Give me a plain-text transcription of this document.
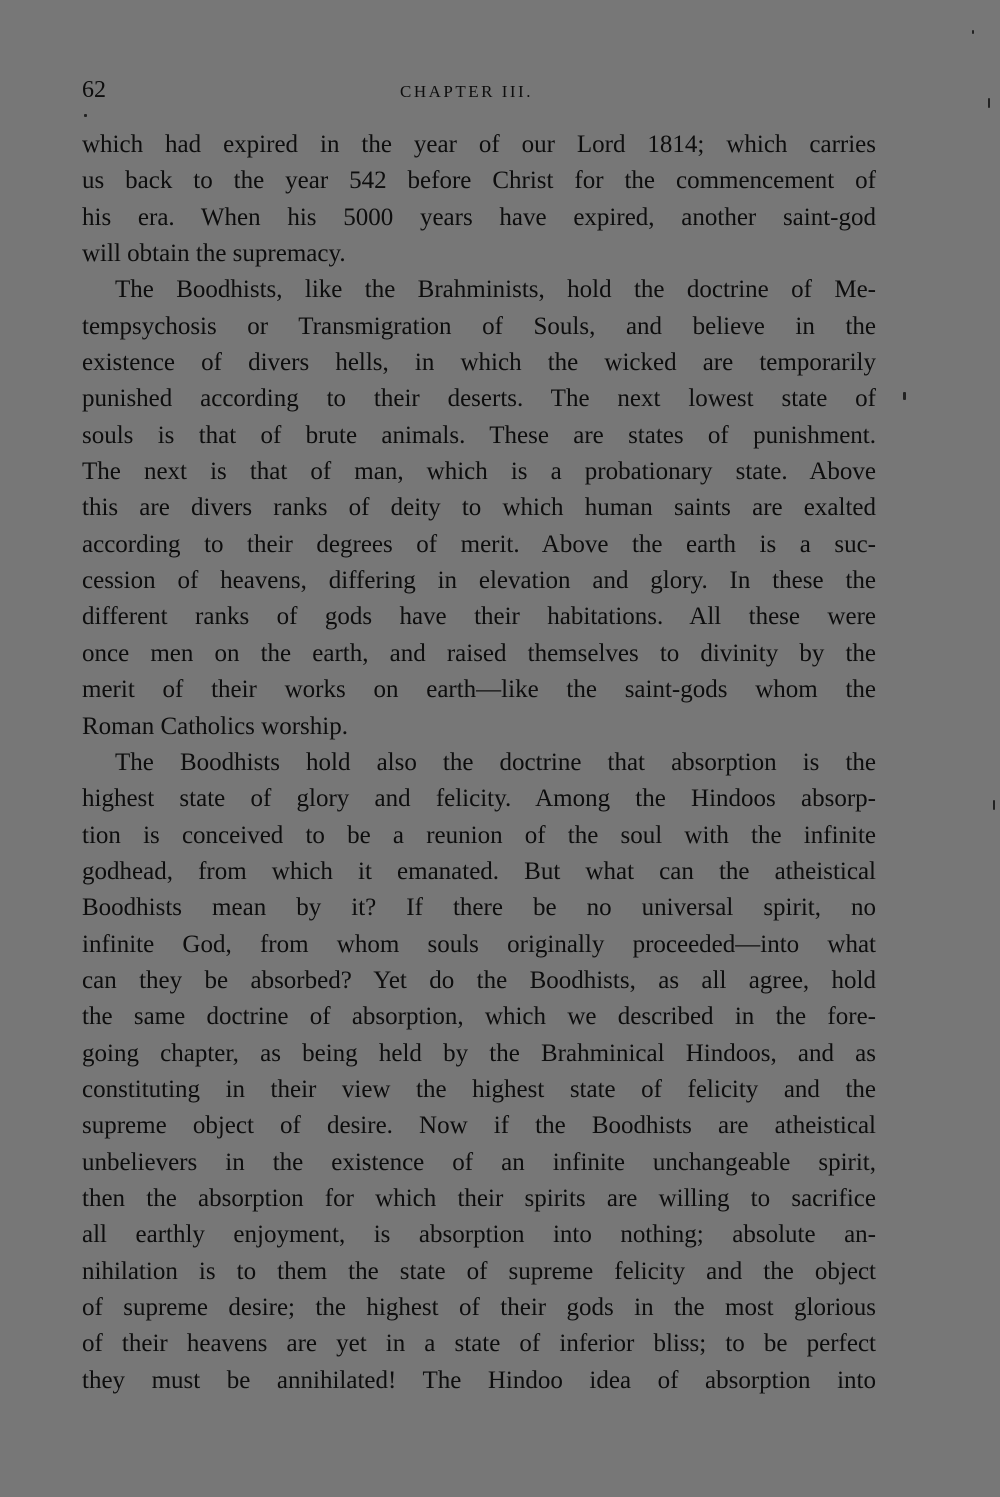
62	CHAPTER III.
which had expired in the year of our Lord 1814; which carries
us back to the year 542 before Christ for the commencement of
his era. When his 5000 years have expired, another saint-god
will obtain the supremacy.
The Boodhists, like the Brahminists, hold the doctrine of Me-
tempsychosis or Transmigration of Souls, and believe in the
existence of divers hells, in which the wicked are temporarily
punished according to their deserts. The next lowest state of
souls is that of brute animals. These are states of punishment.
The next is that of man, which is a probationary state. Above
this are divers ranks of deity to which human saints are exalted
according to their degrees of merit. Above the earth is a suc-
cession of heavens, differing in elevation and glory. In these the
different ranks of gods have their habitations. All these were
once men on the earth, and raised themselves to divinity by the
merit of their works on earth—like the saint-gods whom the
Roman Catholics worship.
The Boodhists hold also the doctrine that absorption is the
highest state of glory and felicity. Among the Hindoos absorp-
tion is conceived to be a reunion of the soul with the infinite
godhead, from which it emanated. But what can the atheistical
Boodhists mean by it? If there be no universal spirit, no
infinite God, from whom souls originally proceeded—into what
can they be absorbed? Yet do the Boodhists, as all agree, hold
the same doctrine of absorption, which we described in the fore-
going chapter, as being held by the Brahminical Hindoos, and as
constituting in their view the highest state of felicity and the
supreme object of desire. Now if the Boodhists are atheistical
unbelievers in the existence of an infinite unchangeable spirit,
then the absorption for which their spirits are willing to sacrifice
all earthly enjoyment, is absorption into nothing; absolute an-
nihilation is to them the state of supreme felicity and the object
of supreme desire; the highest of their gods in the most glorious
of their heavens are yet in a state of inferior bliss; to be perfect
they must be annihilated! The Hindoo idea of absorption into
